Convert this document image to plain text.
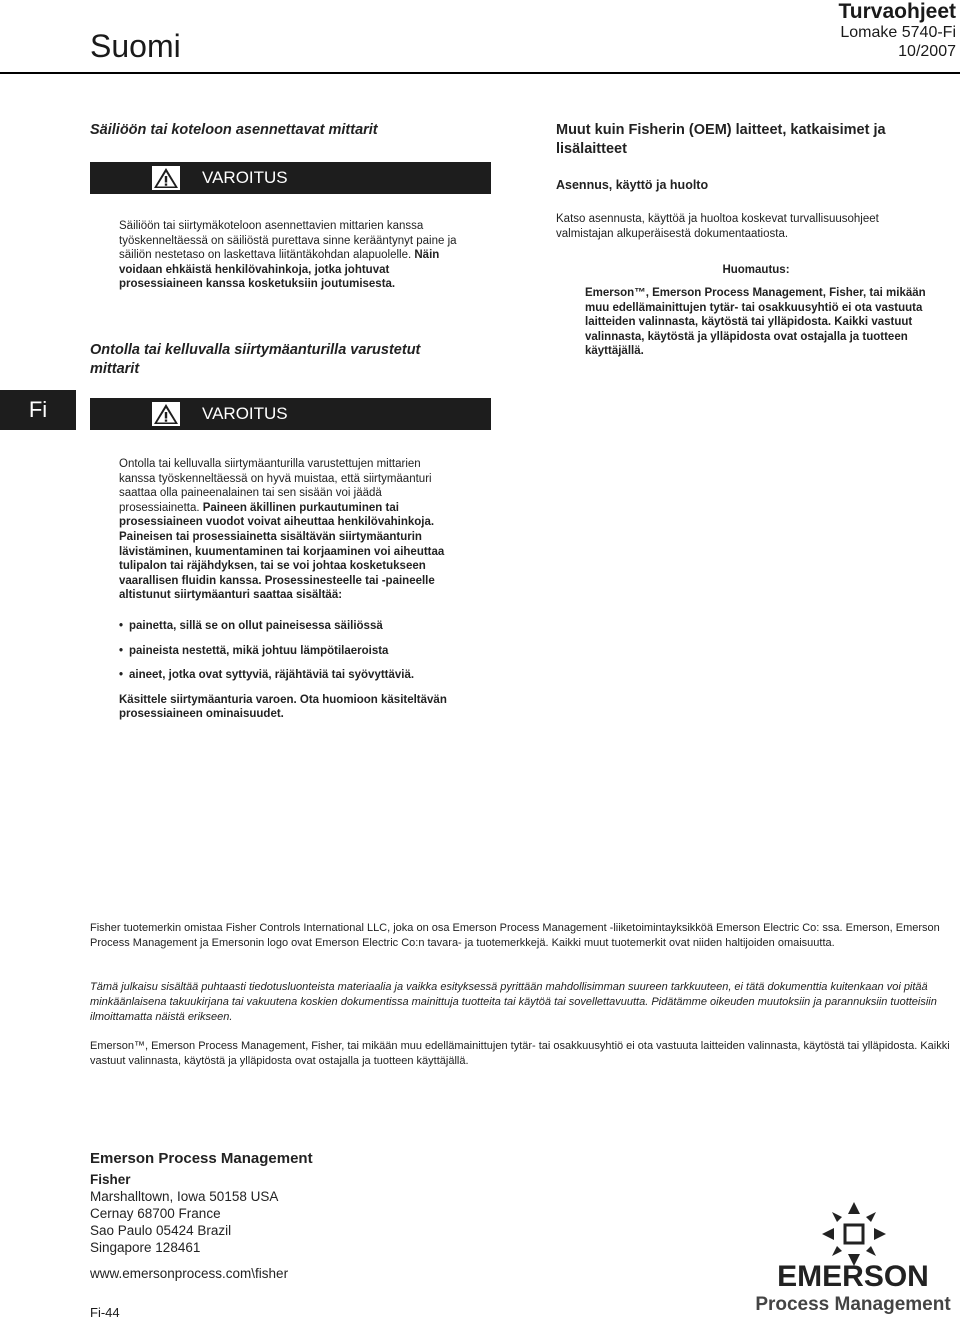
Suomi
Turvaohjeet
Lomake 5740-Fi
10/2007
Säiliöön tai koteloon asennettavat mittarit
VAROITUS
Säiliöön tai siirtymäkoteloon asennettavien mittarien kanssa työskenneltäessä on säiliöstä purettava sinne kerääntynyt paine ja säiliön nestetaso on laskettava liitäntäkohdan alapuolelle. Näin voidaan ehkäistä henkilövahinkoja, jotka johtuvat prosessiaineen kanssa kosketuksiin joutumisesta.
Ontolla tai kelluvalla siirtymäanturilla varustetut mittarit
Fi	VAROITUS

Ontolla tai kelluvalla siirtymäanturilla varustettujen mittarien kanssa työskenneltäessä on hyvä muistaa, että siirtymäanturi saattaa olla paineenalainen tai sen sisään voi jäädä prosessiainetta. Paineen äkillinen purkautuminen tai prosessiaineen vuodot voivat aiheuttaa henkilövahinkoja. Paineisen tai prosessiainetta sisältävän siirtymäanturin lävistäminen, kuumentaminen tai korjaaminen voi aiheuttaa tulipalon tai räjähdyksen, tai se voi johtaa kosketukseen vaarallisen fluidin kanssa. Prosessinesteelle tai -paineelle altistunut siirtymäanturi saattaa sisältää:

• painetta, sillä se on ollut paineisessa säiliössä
• paineista nestettä, mikä johtuu lämpötilaeroista
• aineet, jotka ovat syttyviä, räjähtäviä tai syövyttäviä.

Käsittele siirtymäanturia varoen. Ota huomioon käsiteltävän prosessiaineen ominaisuudet.

Muut kuin Fisherin (OEM) laitteet, katkaisimet ja lisälaitteet
Asennus, käyttö ja huolto
Katso asennusta, käyttöä ja huoltoa koskevat turvallisuusohjeet valmistajan alkuperäisestä dokumentaatiosta.
Huomautus:
Emerson™, Emerson Process Management, Fisher, tai mikään muu edellämainittujen tytär- tai osakkuusyhtiö ei ota vastuuta laitteiden valinnasta, käytöstä tai ylläpidosta. Kaikki vastuut valinnasta, käytöstä ja ylläpidosta ovat ostajalla ja tuotteen käyttäjällä.
Fisher tuotemerkin omistaa Fisher Controls International LLC, joka on osa Emerson Process Management -liiketoimintayksikköä Emerson Electric Co: ssa. Emerson, Emerson Process Management ja Emersonin logo ovat Emerson Electric Co:n tavara- ja tuotemerkkejä. Kaikki muut tuotemerkit ovat niiden haltijoiden omaisuutta.
Tämä julkaisu sisältää puhtaasti tiedotusluonteista materiaalia ja vaikka esityksessä pyrittään mahdollisimman suureen tarkkuuteen, ei tätä dokumenttia kuitenkaan voi pitää minkäänlaisena takuukirjana tai vakuutena koskien dokumentissa mainittuja tuotteita tai käytöä tai sovellettavuutta. Pidätämme oikeuden muutoksiin ja parannuksiin tuotteisiin ilmoittamatta näistä erikseen.
Emerson™, Emerson Process Management, Fisher, tai mikään muu edellämainittujen tytär- tai osakkuusyhtiö ei ota vastuuta laitteiden valinnasta, käytöstä tai ylläpidosta. Kaikki vastuut valinnasta, käytöstä ja ylläpidosta ovat ostajalla ja tuotteen käyttäjällä.
Emerson Process Management
Fisher
Marshalltown, Iowa 50158 USA
Cernay 68700 France
Sao Paulo 05424 Brazil
Singapore 128461
www.emersonprocess.com\fisher
Fi-44
EMERSON
Process Management
